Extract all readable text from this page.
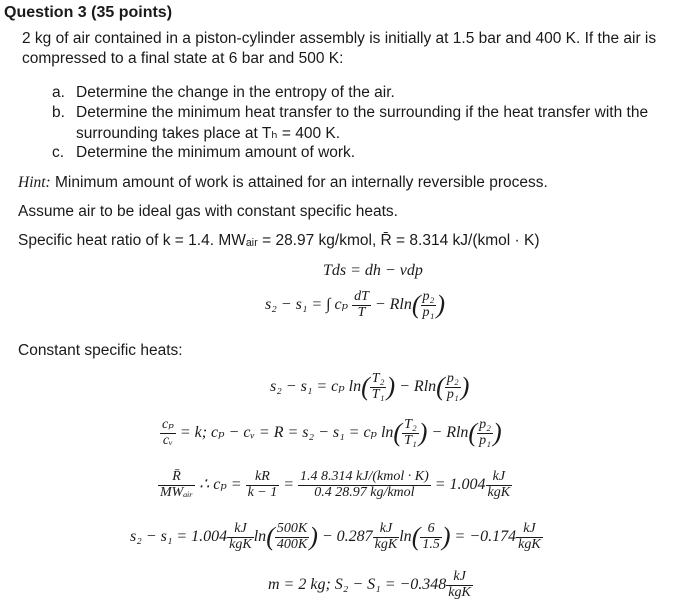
Question 3 (35 points)
2 kg of air contained in a piston-cylinder assembly is initially at 1.5 bar and 400 K. If the air is
compressed to a final state at 6 bar and 500 K:
a. Determine the change in the entropy of the air.
b. Determine the minimum heat transfer to the surrounding if the heat transfer with the
surrounding takes place at Tₕ = 400 K.
c. Determine the minimum amount of work.
Hint: Minimum amount of work is attained for an internally reversible process.
Assume air to be ideal gas with constant specific heats.
Specific heat ratio of k = 1.4. MWₐᵢᵣ = 28.97 kg/kmol, R̄ = 8.314 kJ/(kmol · K)
Tds = dh − vdp
s₂ − s₁ = ∫ cₚ $\frac{dT}{T} - Rln( \frac{\text{p₂}}{\text{p₁}}$ )
Constant specific heats:
s₂ − s₁ = cₚ $\ln( \frac{\text{T₂}}{\text{T₁}}$ ) − $Rln( \frac{\text{p₂}}{\text{p₁}}$ )
$\frac{\text{cₚ}}{\text{cᵥ}} = k$; cₚ − cᵥ = R = s₂ − s₁ = cₚ $\ln( \frac{\text{T₂}}{\text{T₁}}$ ) − $Rln( \frac{\text{p₂}}{\text{p₁}}$ )
$\frac{R̄}{\text{MWₐᵢᵣ}}$ ∴ $c_p = \frac{kR}{k - 1} = \frac{\text{1.4 8.314 kJ/(kmol · K)}}{\text{0.4 28.97 kg/kmol}} = 1.004 \frac{kJ}{\text{kgK}}$
$s_2 - s_1 = 1.004 \frac{kJ}{\text{kgK}} \ln( \frac{500K}{400K}$ ) − $0.287 \frac{kJ}{\text{kgK}} \ln( \frac{6}{1.5}$ ) = $-0.174 \frac{kJ}{\text{kgK}}$
m = 2 kg; $S_2 - S_1 = -0.348 \frac{kJ}{\text{kgK}}$
